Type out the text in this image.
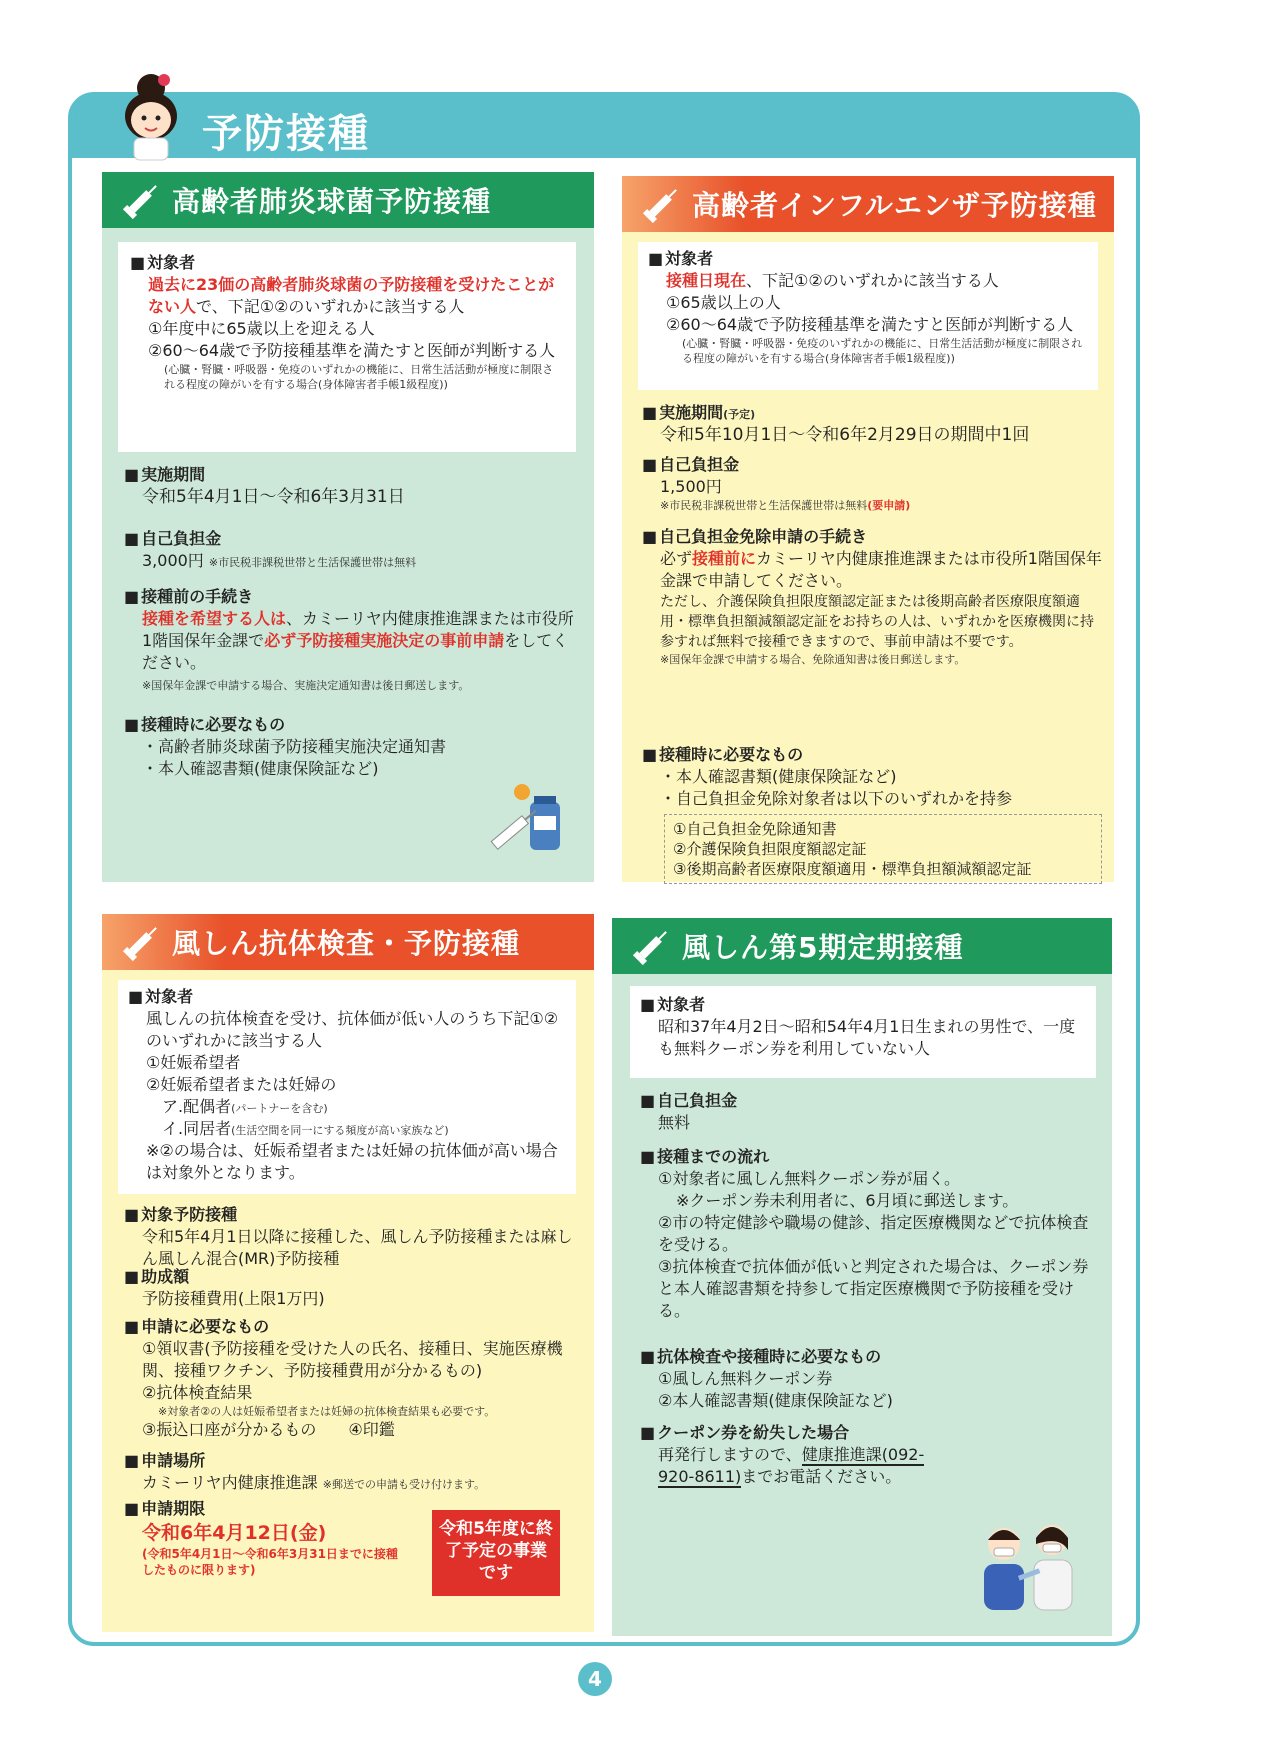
予防接種
高齢者肺炎球菌予防接種
■ 対象者
過去に23価の高齢者肺炎球菌の予防接種を受けたことがない人で、下記①②のいずれかに該当する人
①年度中に65歳以上を迎える人
②60～64歳で予防接種基準を満たすと医師が判断する人
(心臓・腎臓・呼吸器・免疫のいずれかの機能に、日常生活活動が極度に制限される程度の障がいを有する場合(身体障害者手帳1級程度))
■ 実施期間
令和5年4月1日～令和6年3月31日
■ 自己負担金
3,000円 ※市民税非課税世帯と生活保護世帯は無料
■ 接種前の手続き
接種を希望する人は、カミーリヤ内健康推進課または市役所1階国保年金課で必ず予防接種実施決定の事前申請をしてください。
※国保年金課で申請する場合、実施決定通知書は後日郵送します。
■ 接種時に必要なもの
・高齢者肺炎球菌予防接種実施決定通知書
・本人確認書類(健康保険証など)
高齢者インフルエンザ予防接種
■ 対象者
接種日現在、下記①②のいずれかに該当する人
①65歳以上の人
②60～64歳で予防接種基準を満たすと医師が判断する人
(心臓・腎臓・呼吸器・免疫のいずれかの機能に、日常生活活動が極度に制限される程度の障がいを有する場合(身体障害者手帳1級程度))
■ 実施期間(予定)
令和5年10月1日～令和6年2月29日の期間中1回
■ 自己負担金
1,500円
※市民税非課税世帯と生活保護世帯は無料(要申請)
■ 自己負担金免除申請の手続き
必ず接種前にカミーリヤ内健康推進課または市役所1階国保年金課で申請してください。
ただし、介護保険負担限度額認定証または後期高齢者医療限度額適用・標準負担額減額認定証をお持ちの人は、いずれかを医療機関に持参すれば無料で接種できますので、事前申請は不要です。
※国保年金課で申請する場合、免除通知書は後日郵送します。
■ 接種時に必要なもの
・本人確認書類(健康保険証など)
・自己負担金免除対象者は以下のいずれかを持参
①自己負担金免除通知書
②介護保険負担限度額認定証
③後期高齢者医療限度額適用・標準負担額減額認定証
風しん抗体検査・予防接種
■ 対象者
風しんの抗体検査を受け、抗体価が低い人のうち下記①②のいずれかに該当する人
①妊娠希望者
②妊娠希望者または妊婦の
ア.配偶者(パートナーを含む)
イ.同居者(生活空間を同一にする頻度が高い家族など)
※②の場合は、妊娠希望者または妊婦の抗体価が高い場合は対象外となります。
■ 対象予防接種
令和5年4月1日以降に接種した、風しん予防接種または麻しん風しん混合(MR)予防接種
■ 助成額
予防接種費用(上限1万円)
■ 申請に必要なもの
①領収書(予防接種を受けた人の氏名、接種日、実施医療機関、接種ワクチン、予防接種費用が分かるもの)
②抗体検査結果
※対象者②の人は妊娠希望者または妊婦の抗体検査結果も必要です。
③振込口座が分かるもの　　 ④印鑑
■ 申請場所
カミーリヤ内健康推進課 ※郵送での申請も受け付けます。
■ 申請期限
令和6年4月12日(金)
(令和5年4月1日～令和6年3月31日までに接種したものに限ります)
令和5年度に終了予定の事業です
風しん第5期定期接種
■ 対象者
昭和37年4月2日～昭和54年4月1日生まれの男性で、一度も無料クーポン券を利用していない人
■ 自己負担金
無料
■ 接種までの流れ
①対象者に風しん無料クーポン券が届く。
※クーポン券未利用者に、6月頃に郵送します。
②市の特定健診や職場の健診、指定医療機関などで抗体検査を受ける。
③抗体検査で抗体価が低いと判定された場合は、クーポン券と本人確認書類を持参して指定医療機関で予防接種を受ける。
■ 抗体検査や接種時に必要なもの
①風しん無料クーポン券
②本人確認書類(健康保険証など)
■ クーポン券を紛失した場合
再発行しますので、健康推進課(092-920-8611)までお電話ください。
4
